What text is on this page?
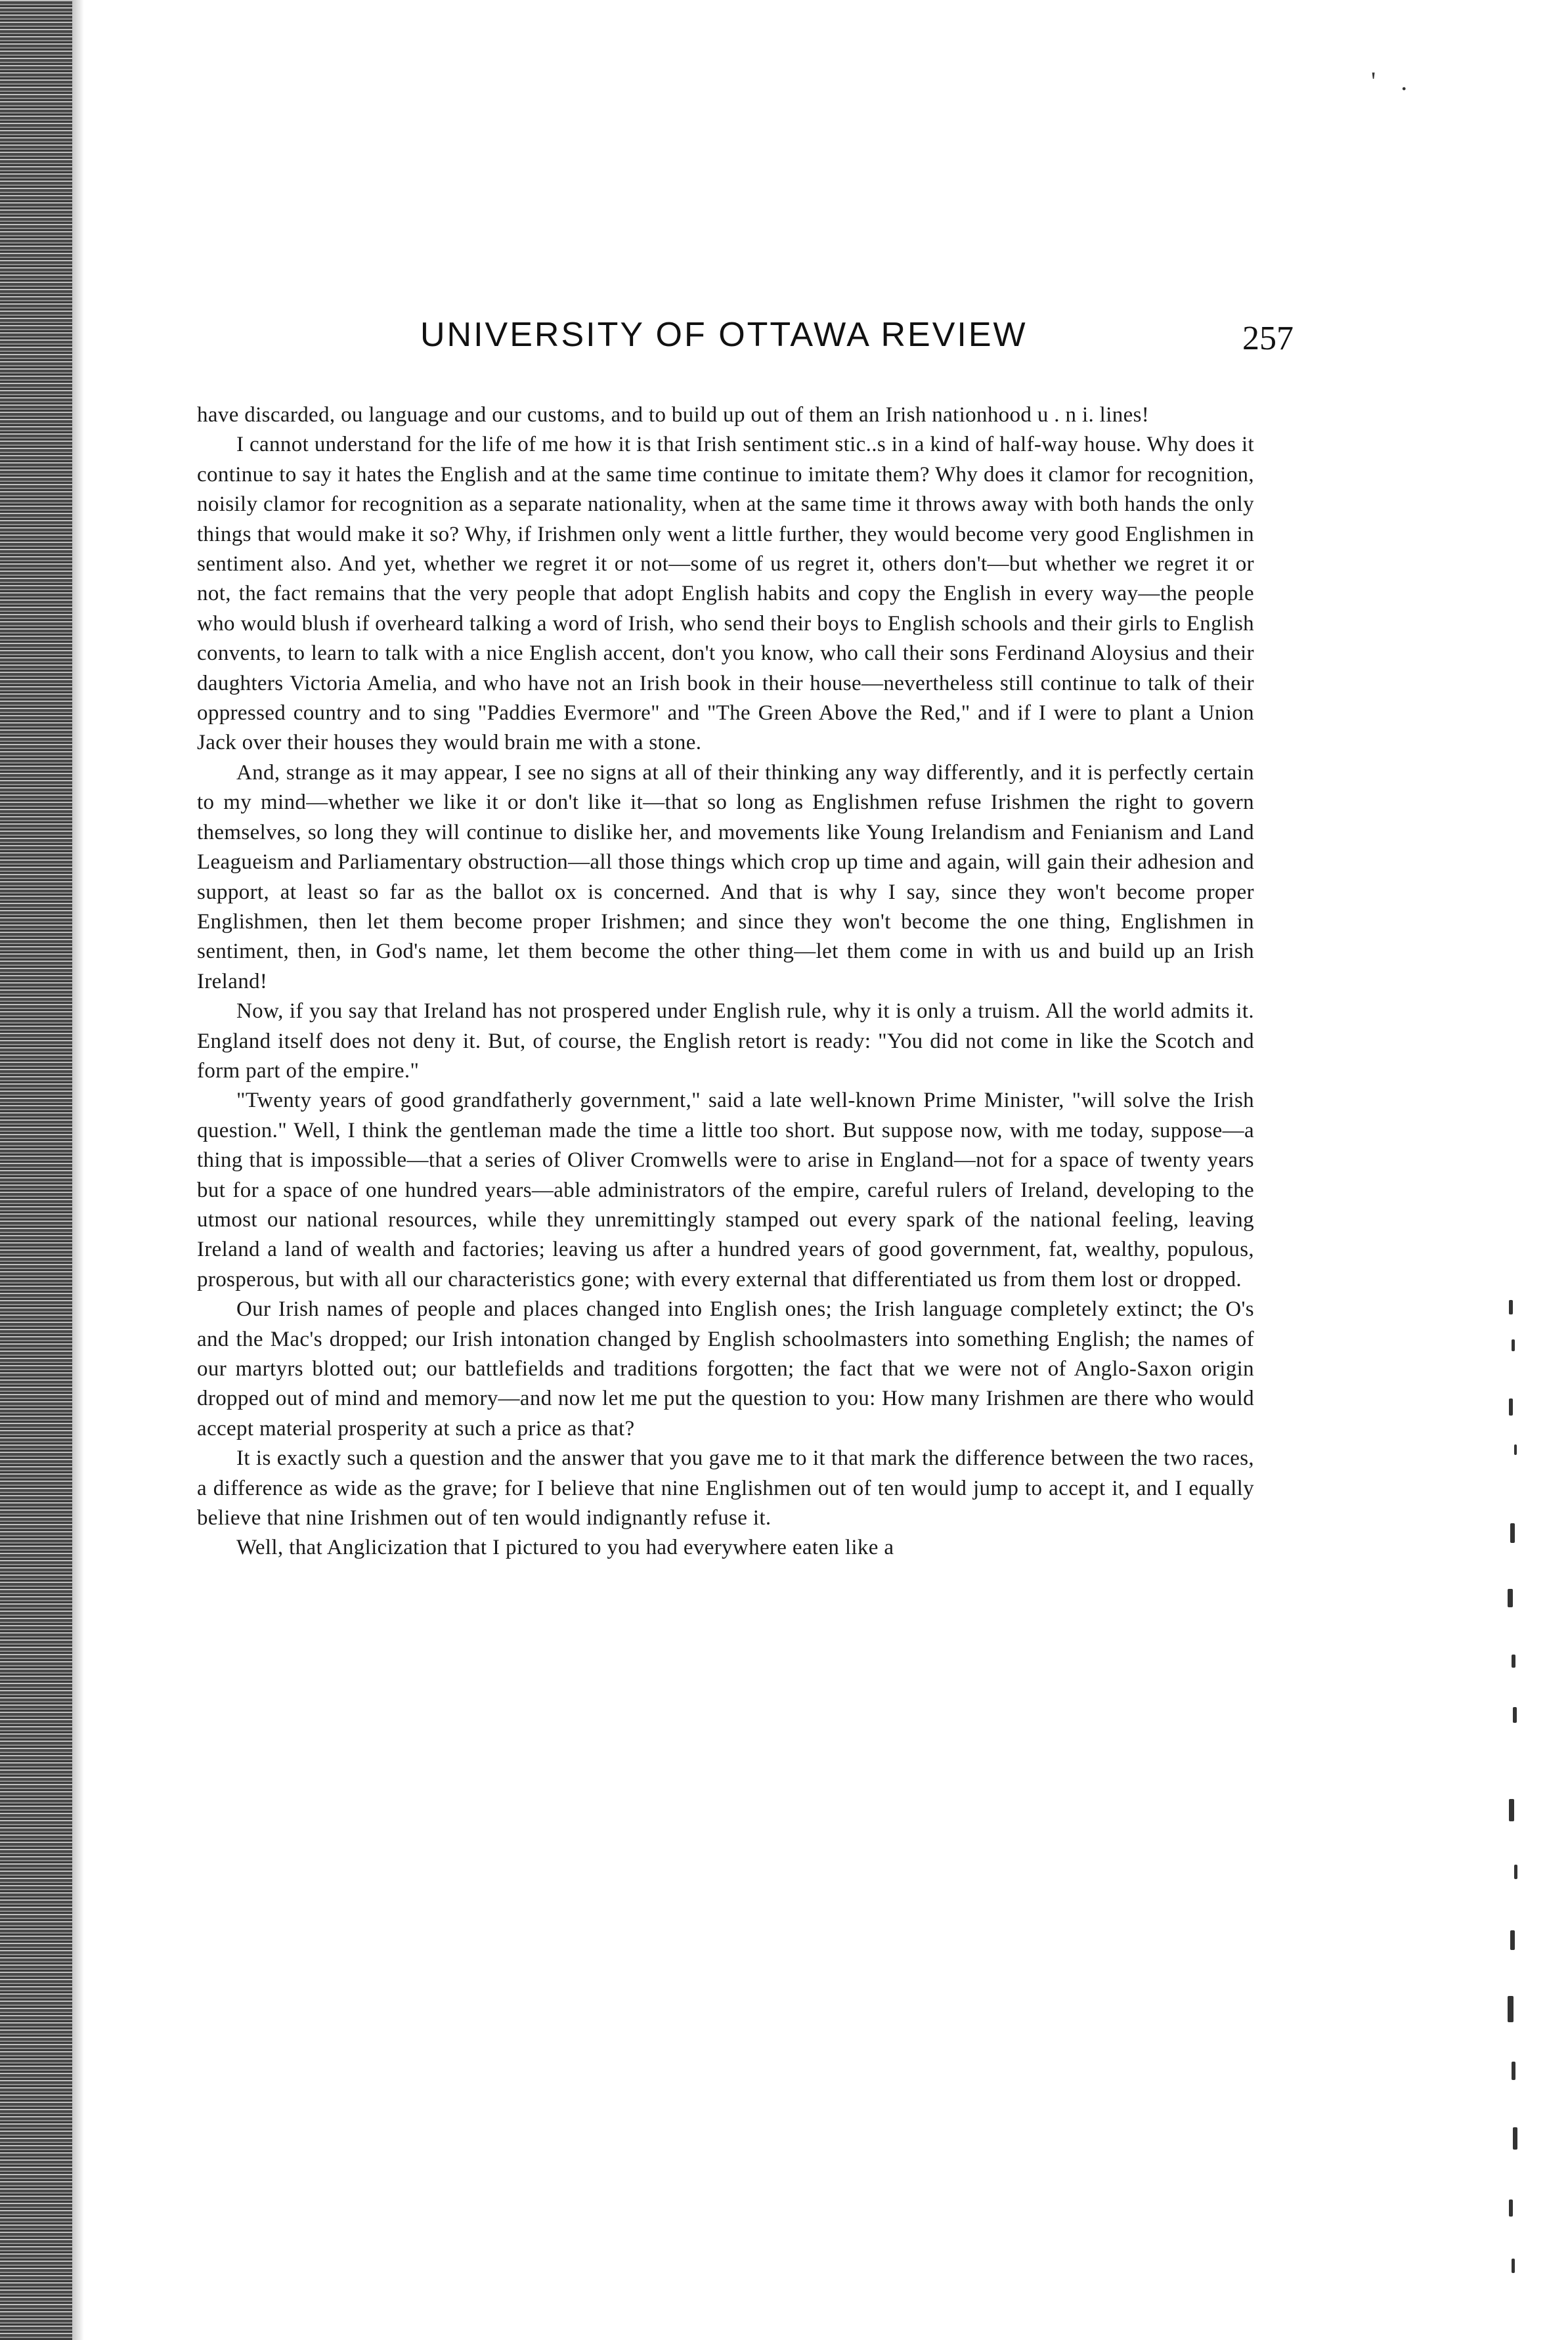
' .
UNIVERSITY OF OTTAWA REVIEW	257

have discarded, ou language and our customs, and to build up out of them an Irish nationhood u . n i. lines!

I cannot understand for the life of me how it is that Irish sentiment stic..s in a kind of half-way house. Why does it continue to say it hates the English and at the same time continue to imitate them? Why does it clamor for recognition, noisily clamor for recognition as a separate nationality, when at the same time it throws away with both hands the only things that would make it so? Why, if Irishmen only went a little further, they would become very good Englishmen in sentiment also. And yet, whether we regret it or not—some of us regret it, others don't—but whether we regret it or not, the fact remains that the very people that adopt English habits and copy the English in every way—the people who would blush if overheard talking a word of Irish, who send their boys to English schools and their girls to English convents, to learn to talk with a nice English accent, don't you know, who call their sons Ferdinand Aloysius and their daughters Victoria Amelia, and who have not an Irish book in their house—nevertheless still continue to talk of their oppressed country and to sing "Paddies Evermore" and "The Green Above the Red," and if I were to plant a Union Jack over their houses they would brain me with a stone.

And, strange as it may appear, I see no signs at all of their thinking any way differently, and it is perfectly certain to my mind—whether we like it or don't like it—that so long as Englishmen refuse Irishmen the right to govern themselves, so long they will continue to dislike her, and movements like Young Irelandism and Fenianism and Land Leagueism and Parliamentary obstruction—all those things which crop up time and again, will gain their adhesion and support, at least so far as the ballot ox is concerned. And that is why I say, since they won't become proper Englishmen, then let them become proper Irishmen; and since they won't become the one thing, Englishmen in sentiment, then, in God's name, let them become the other thing—let them come in with us and build up an Irish Ireland!

Now, if you say that Ireland has not prospered under English rule, why it is only a truism. All the world admits it. England itself does not deny it. But, of course, the English retort is ready: "You did not come in like the Scotch and form part of the empire."

"Twenty years of good grandfatherly government," said a late well-known Prime Minister, "will solve the Irish question." Well, I think the gentleman made the time a little too short. But suppose now, with me today, suppose—a thing that is impossible—that a series of Oliver Cromwells were to arise in England—not for a space of twenty years but for a space of one hundred years—able administrators of the empire, careful rulers of Ireland, developing to the utmost our national resources, while they unremittingly stamped out every spark of the national feeling, leaving Ireland a land of wealth and factories; leaving us after a hundred years of good government, fat, wealthy, populous, prosperous, but with all our characteristics gone; with every external that differentiated us from them lost or dropped.

Our Irish names of people and places changed into English ones; the Irish language completely extinct; the O's and the Mac's dropped; our Irish intonation changed by English schoolmasters into something English; the names of our martyrs blotted out; our battlefields and traditions forgotten; the fact that we were not of Anglo-Saxon origin dropped out of mind and memory—and now let me put the question to you: How many Irishmen are there who would accept material prosperity at such a price as that?

It is exactly such a question and the answer that you gave me to it that mark the difference between the two races, a difference as wide as the grave; for I believe that nine Englishmen out of ten would jump to accept it, and I equally believe that nine Irishmen out of ten would indignantly refuse it.

Well, that Anglicization that I pictured to you had everywhere eaten like a
